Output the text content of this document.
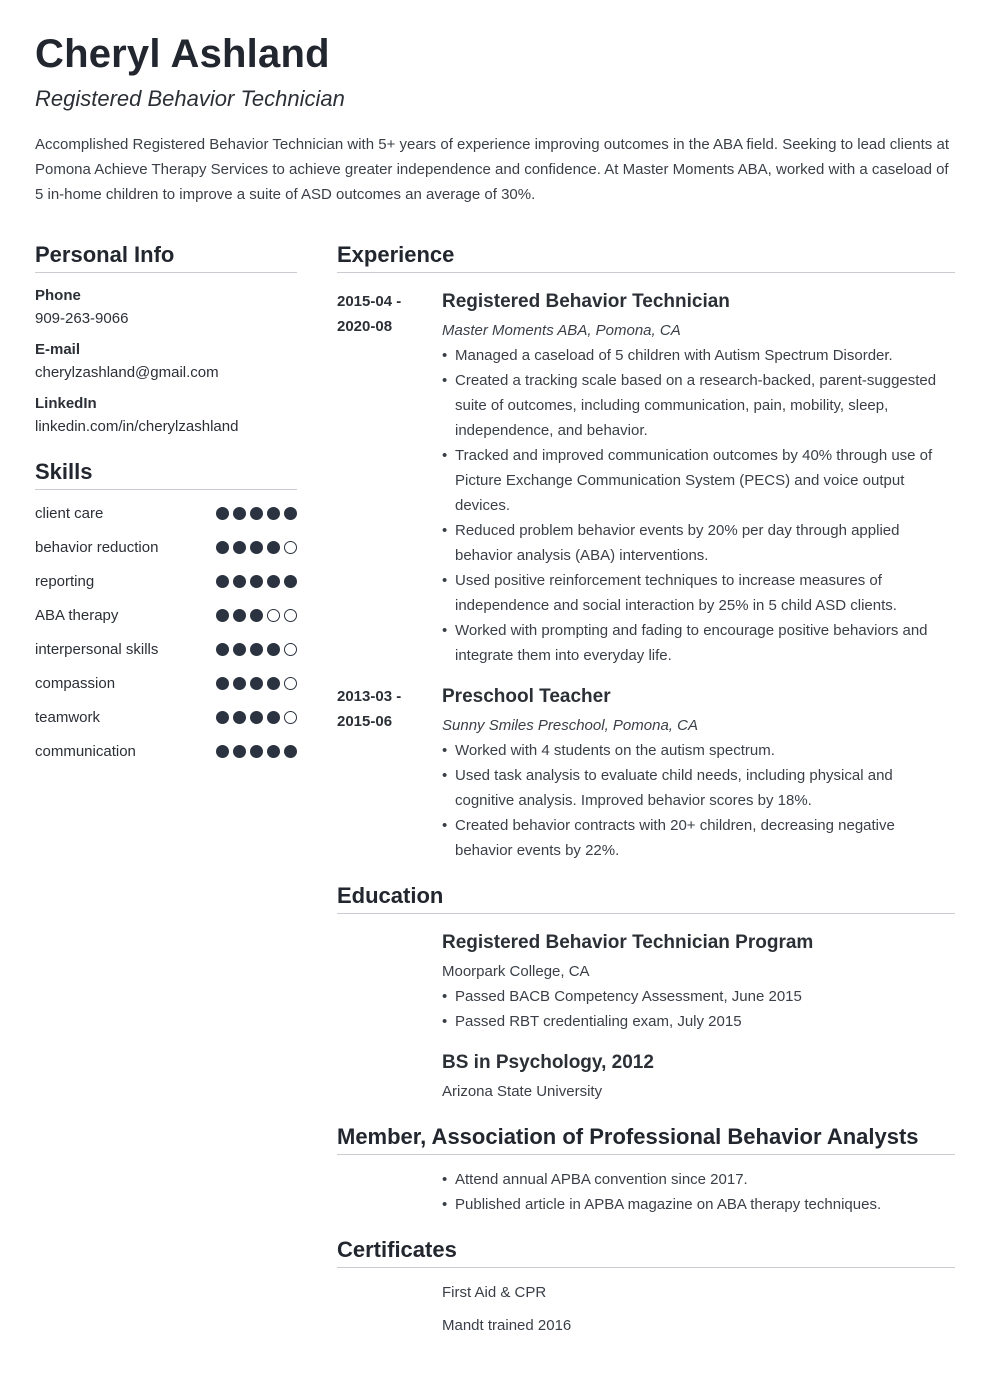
Cheryl Ashland
Registered Behavior Technician

Accomplished Registered Behavior Technician with 5+ years of experience improving outcomes in the ABA field. Seeking to lead clients at Pomona Achieve Therapy Services to achieve greater independence and confidence. At Master Moments ABA, worked with a caseload of 5 in-home children to improve a suite of ASD outcomes an average of 30%.

Personal Info
Phone
909-263-9066
E-mail
cherylzashland@gmail.com
LinkedIn
linkedin.com/in/cherylzashland
Skills
client care
behavior reduction
reporting
ABA therapy
interpersonal skills
compassion
teamwork
communication
Experience
2015-04 -
2020-08
Registered Behavior Technician
Master Moments ABA, Pomona, CA
• Managed a caseload of 5 children with Autism Spectrum Disorder.
• Created a tracking scale based on a research-backed, parent-suggested suite of outcomes, including communication, pain, mobility, sleep, independence, and behavior.
• Tracked and improved communication outcomes by 40% through use of Picture Exchange Communication System (PECS) and voice output devices.
• Reduced problem behavior events by 20% per day through applied behavior analysis (ABA) interventions.
• Used positive reinforcement techniques to increase measures of independence and social interaction by 25% in 5 child ASD clients.
• Worked with prompting and fading to encourage positive behaviors and integrate them into everyday life.
2013-03 -
2015-06
Preschool Teacher
Sunny Smiles Preschool, Pomona, CA
• Worked with 4 students on the autism spectrum.
• Used task analysis to evaluate child needs, including physical and cognitive analysis. Improved behavior scores by 18%.
• Created behavior contracts with 20+ children, decreasing negative behavior events by 22%.
Education
Registered Behavior Technician Program
Moorpark College, CA
• Passed BACB Competency Assessment, June 2015
• Passed RBT credentialing exam, July 2015
BS in Psychology, 2012
Arizona State University
Member, Association of Professional Behavior Analysts
• Attend annual APBA convention since 2017.
• Published article in APBA magazine on ABA therapy techniques.
Certificates
First Aid & CPR
Mandt trained 2016
